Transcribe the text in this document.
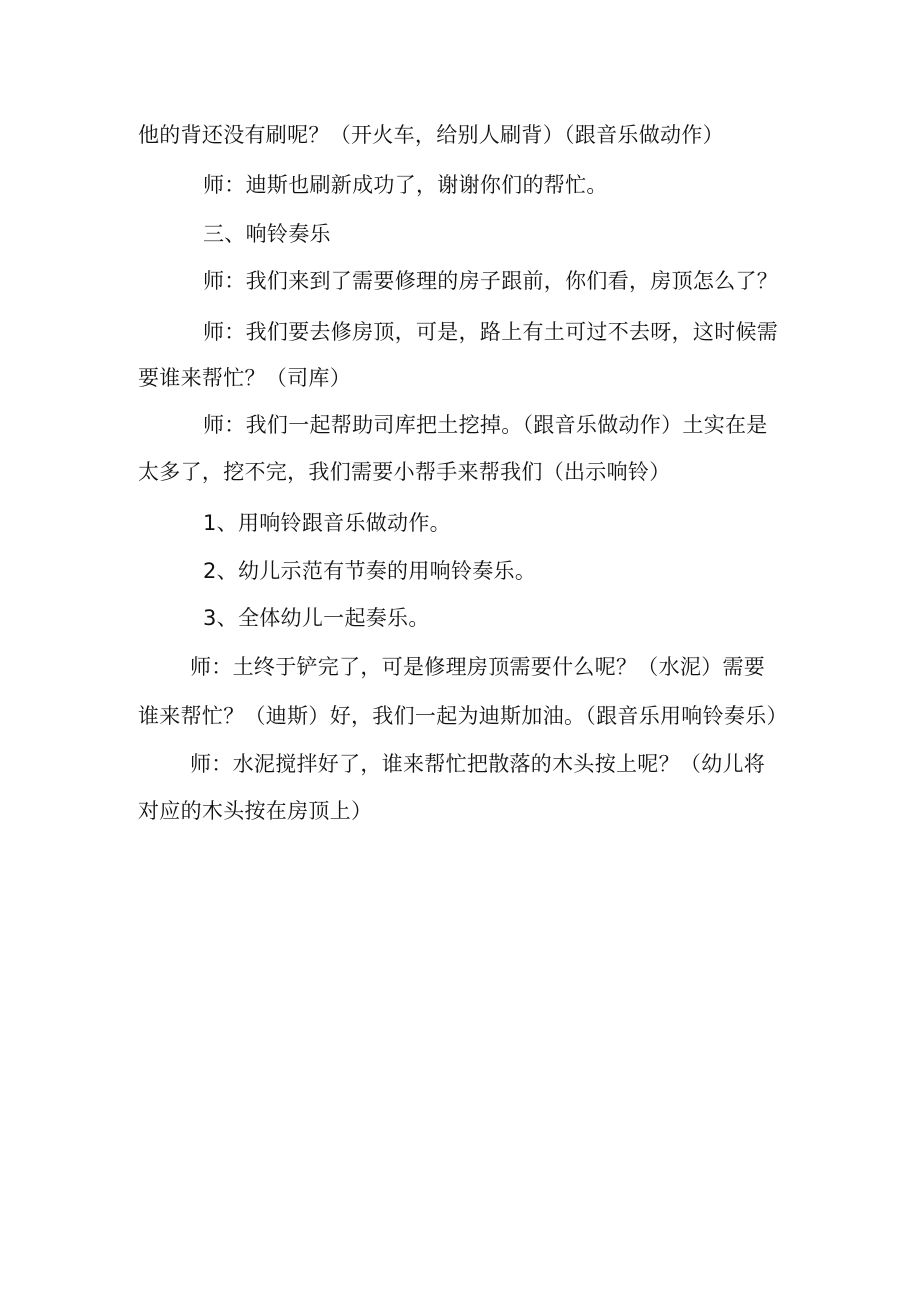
他的背还没有刷呢？（开火车，给别人刷背）（跟音乐做动作）
师：迪斯也刷新成功了，谢谢你们的帮忙。
三、响铃奏乐
师：我们来到了需要修理的房子跟前，你们看，房顶怎么了？
师：我们要去修房顶，可是，路上有土可过不去呀，这时候需
要谁来帮忙？（司库）
师：我们一起帮助司库把土挖掉。（跟音乐做动作）土实在是
太多了，挖不完，我们需要小帮手来帮我们（出示响铃）
1、用响铃跟音乐做动作。
2、幼儿示范有节奏的用响铃奏乐。
3、全体幼儿一起奏乐。
师：土终于铲完了，可是修理房顶需要什么呢？（水泥）需要
谁来帮忙？（迪斯）好，我们一起为迪斯加油。（跟音乐用响铃奏乐）
师：水泥搅拌好了，谁来帮忙把散落的木头按上呢？（幼儿将
对应的木头按在房顶上）
